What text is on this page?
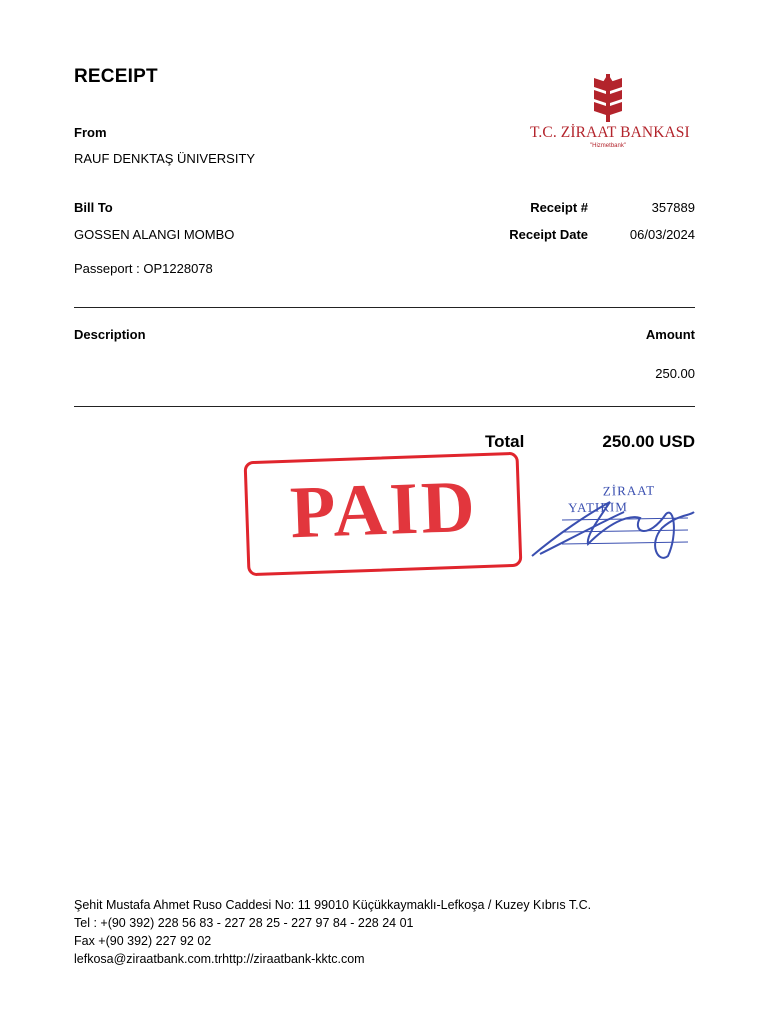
RECEIPT
T.C. ZİRAAT BANKASI
"Hizmetbank"
From
RAUF DENKTAŞ ÜNIVERSITY
Bill To
GOSSEN ALANGI MOMBO
Passeport : OP1228078
Receipt #	357889
Receipt Date	06/03/2024
Description	Amount
250.00
Total	250.00 USD
PAID	ZİRAAT YATIRIM
Şehit Mustafa Ahmet Ruso Caddesi No: 11 99010 Küçükkaymaklı-Lefkoşa / Kuzey Kıbrıs T.C.
Tel : +(90 392) 228 56 83 - 227 28 25 - 227 97 84 - 228 24 01
Fax +(90 392) 227 92 02
lefkosa@ziraatbank.com.trhttp://ziraatbank-kktc.com
